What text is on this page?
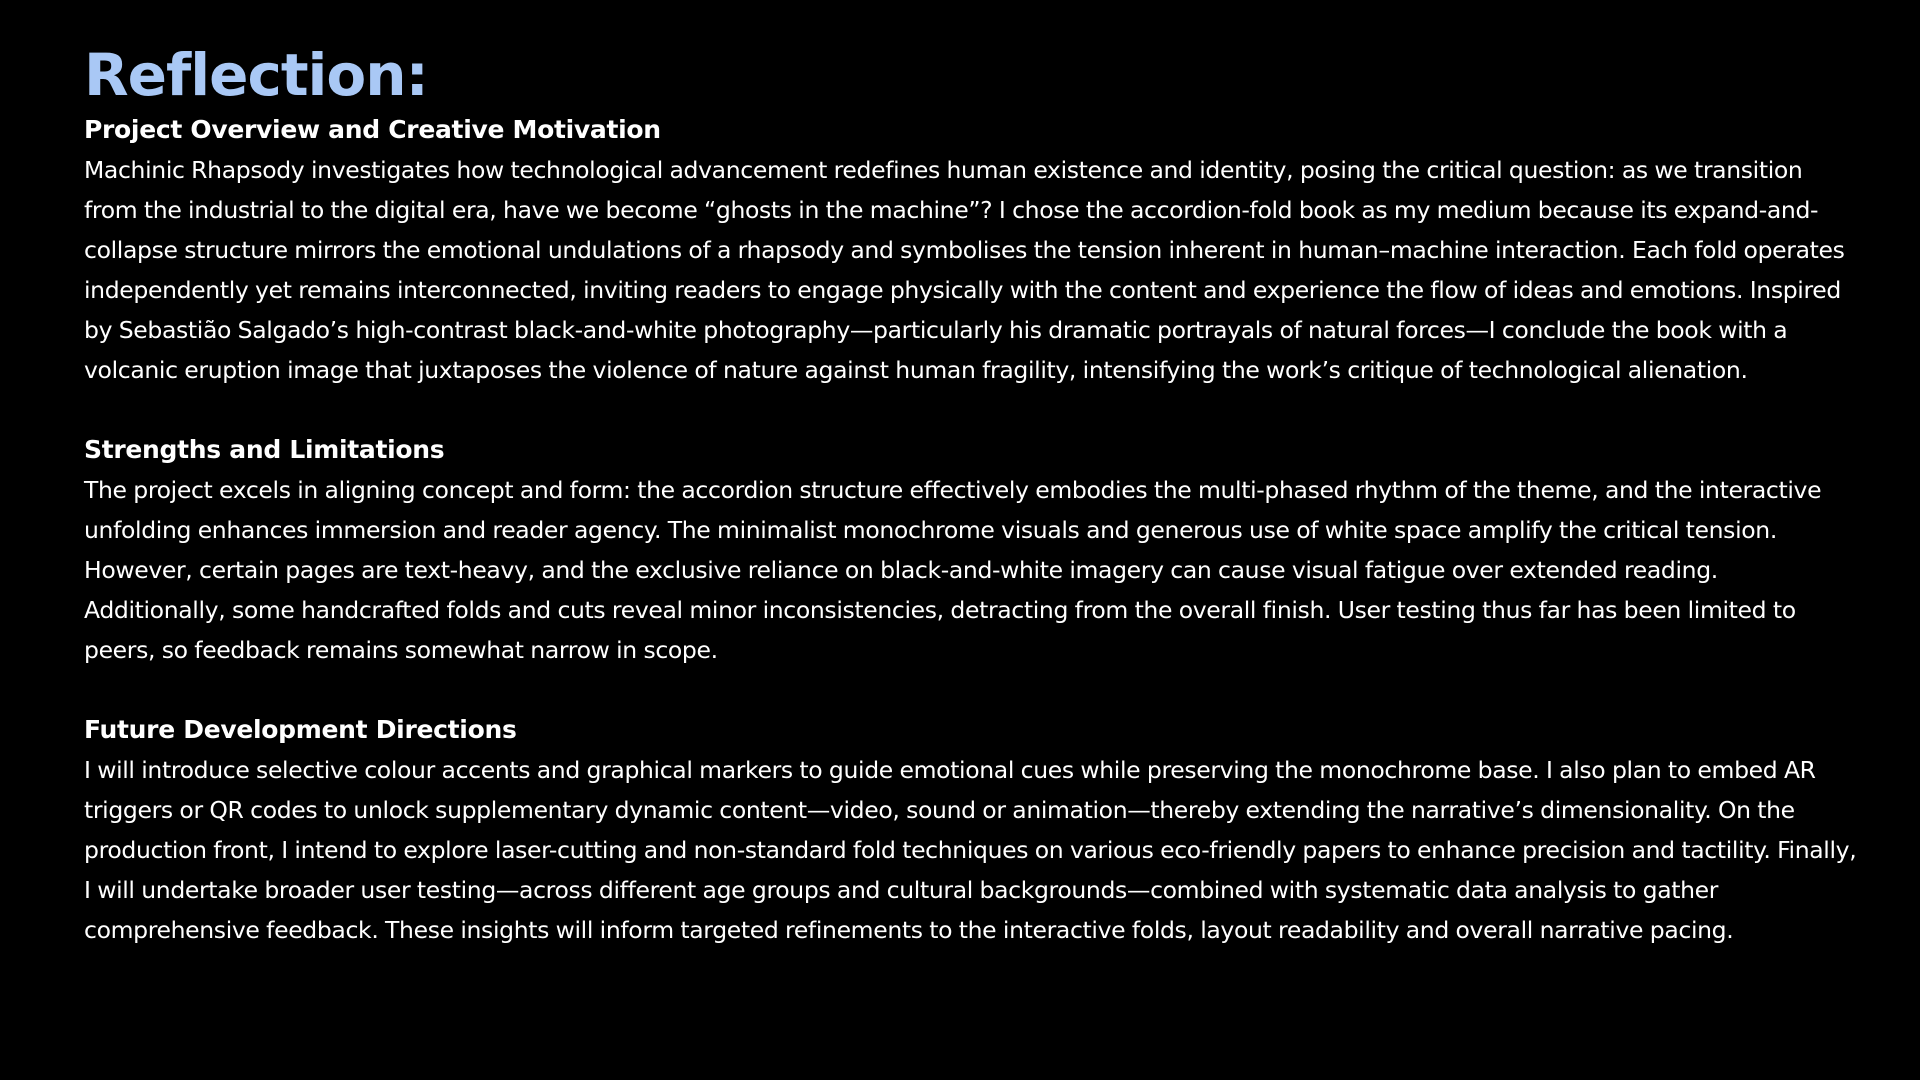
Reflection:
Project Overview and Creative Motivation

Machinic Rhapsody investigates how technological advancement redefines human existence and identity, posing the critical question: as we transition from the industrial to the digital era, have we become “ghosts in the machine”? I chose the accordion-fold book as my medium because its expand-and-collapse structure mirrors the emotional undulations of a rhapsody and symbolises the tension inherent in human–machine interaction. Each fold operates independently yet remains interconnected, inviting readers to engage physically with the content and experience the flow of ideas and emotions. Inspired by Sebastião Salgado’s high-contrast black-and-white photography—particularly his dramatic portrayals of natural forces—I conclude the book with a volcanic eruption image that juxtaposes the violence of nature against human fragility, intensifying the work’s critique of technological alienation.

Strengths and Limitations

The project excels in aligning concept and form: the accordion structure effectively embodies the multi-phased rhythm of the theme, and the interactive unfolding enhances immersion and reader agency. The minimalist monochrome visuals and generous use of white space amplify the critical tension. However, certain pages are text-heavy, and the exclusive reliance on black-and-white imagery can cause visual fatigue over extended reading. Additionally, some handcrafted folds and cuts reveal minor inconsistencies, detracting from the overall finish. User testing thus far has been limited to peers, so feedback remains somewhat narrow in scope.

Future Development Directions

I will introduce selective colour accents and graphical markers to guide emotional cues while preserving the monochrome base. I also plan to embed AR triggers or QR codes to unlock supplementary dynamic content—video, sound or animation—thereby extending the narrative’s dimensionality. On the production front, I intend to explore laser-cutting and non-standard fold techniques on various eco-friendly papers to enhance precision and tactility. Finally, I will undertake broader user testing—across different age groups and cultural backgrounds—combined with systematic data analysis to gather comprehensive feedback. These insights will inform targeted refinements to the interactive folds, layout readability and overall narrative pacing.
